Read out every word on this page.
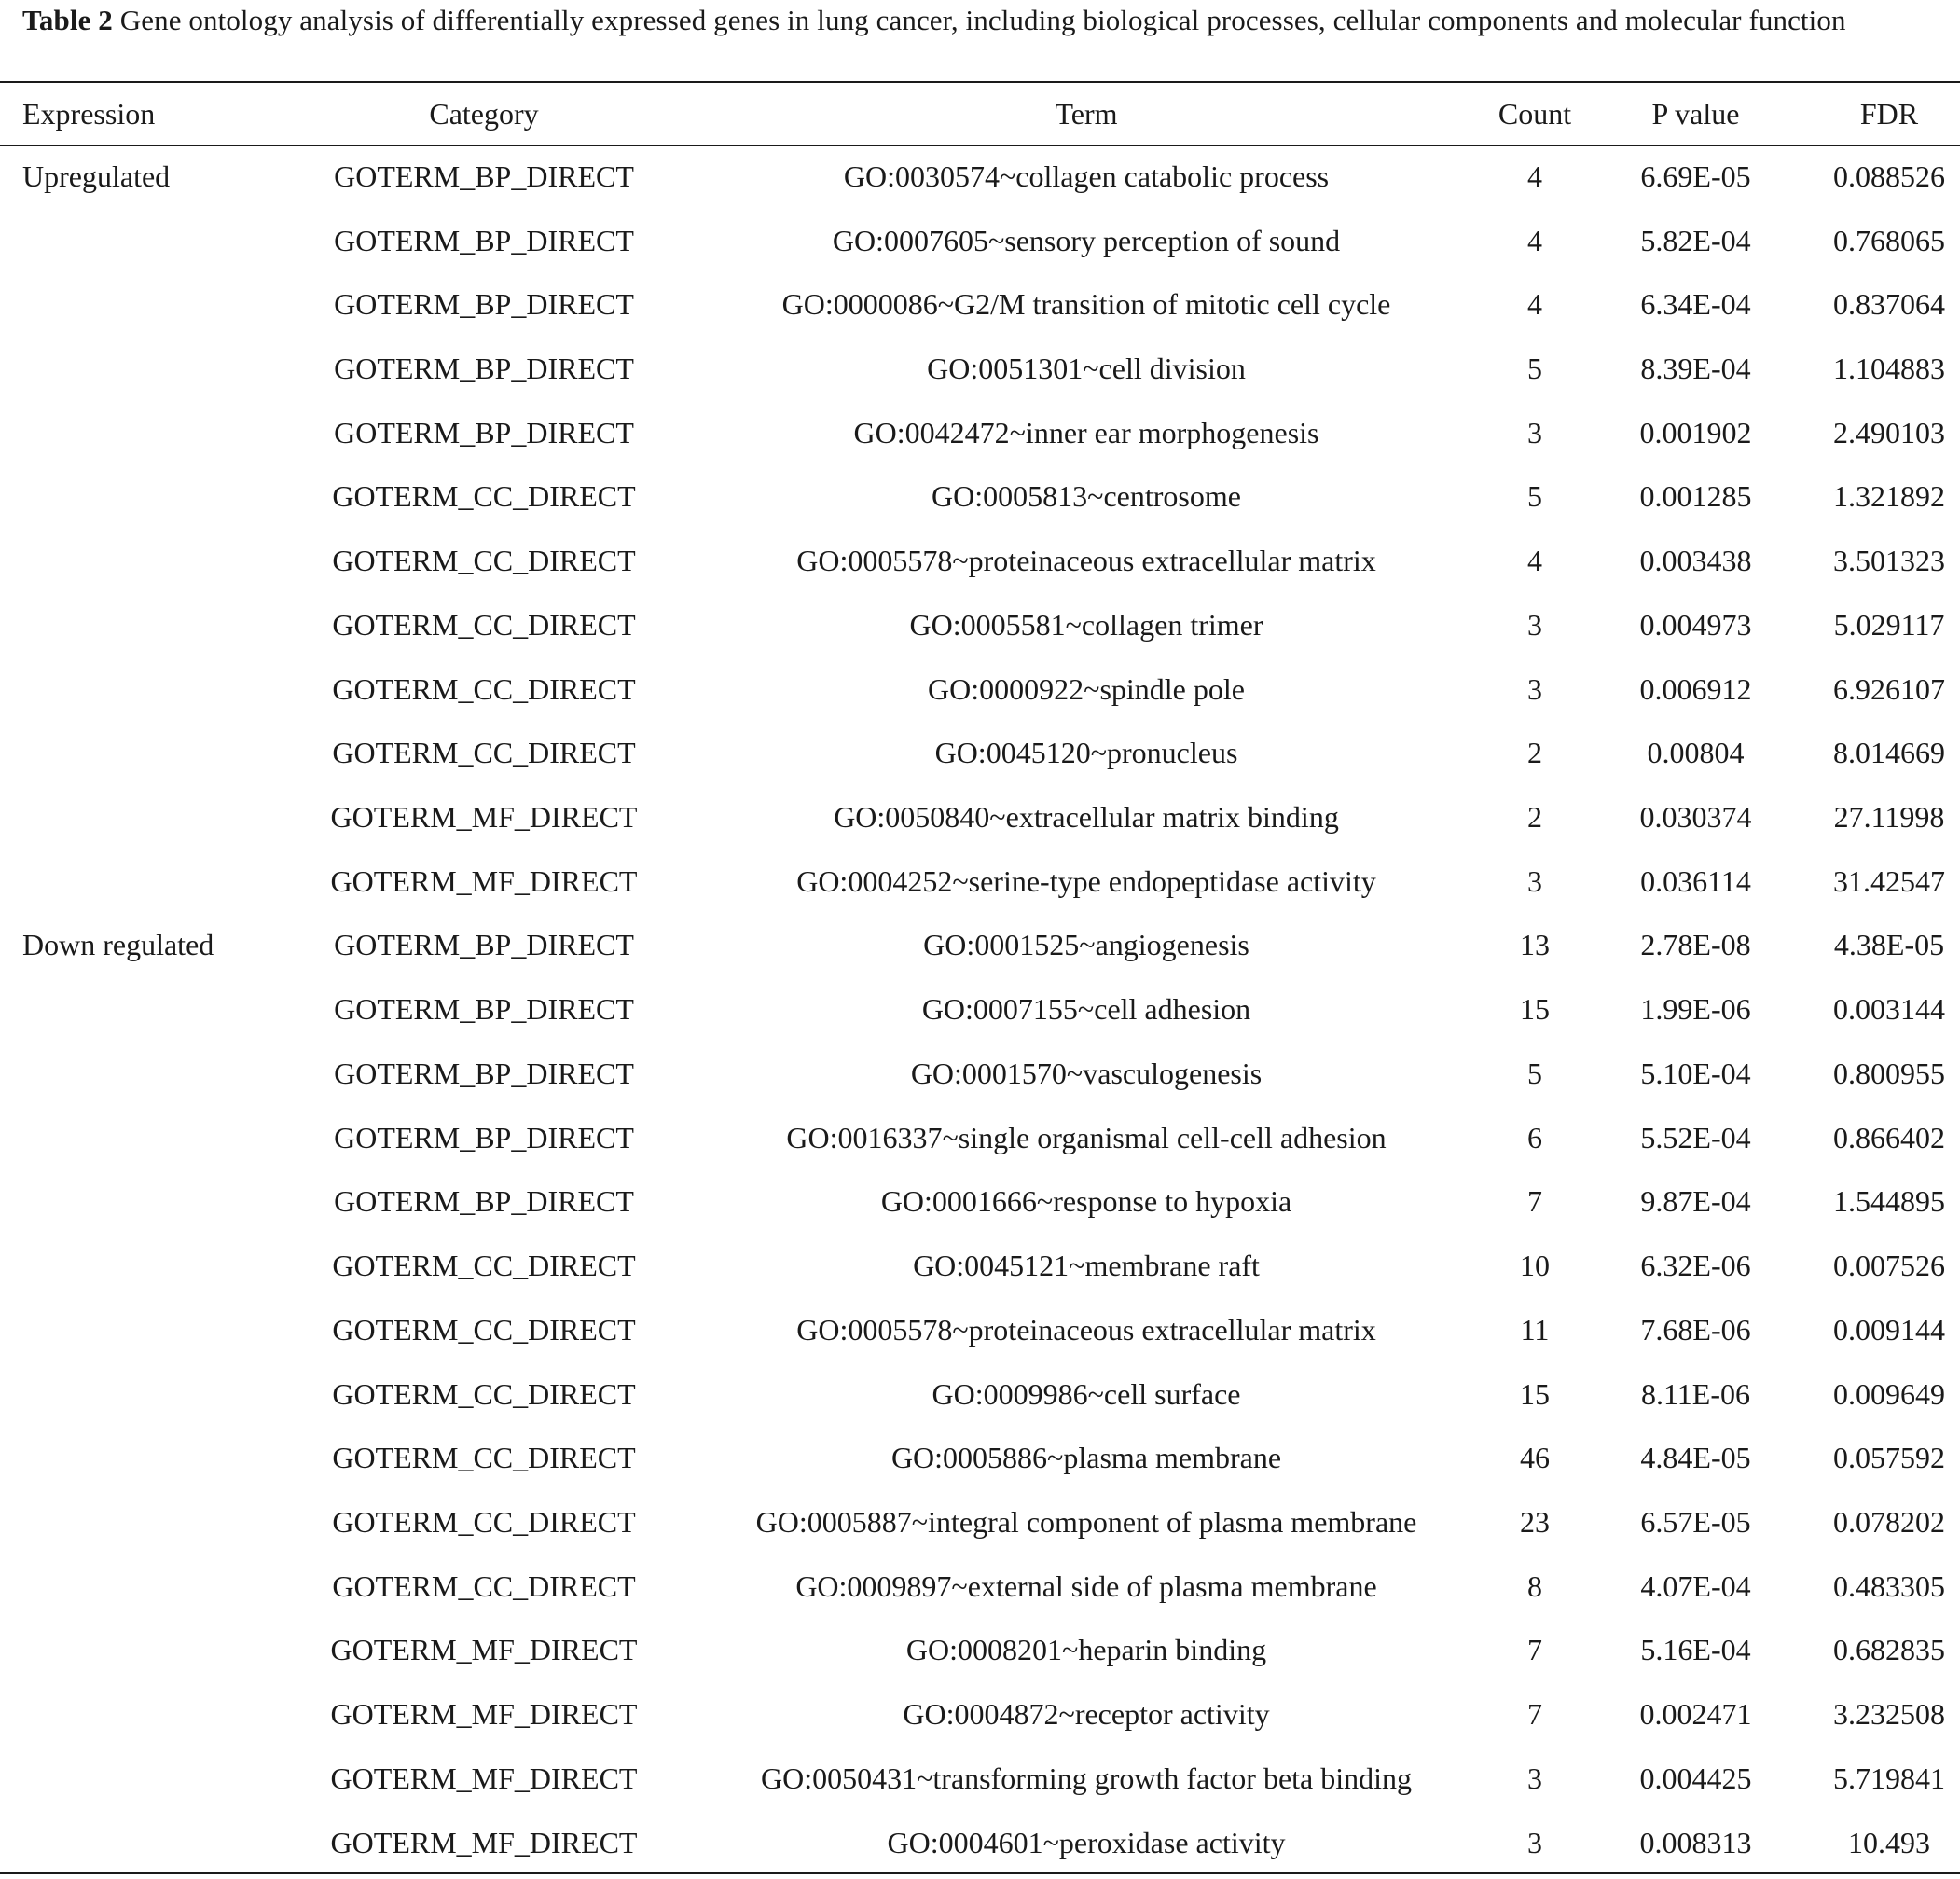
Table 2 Gene ontology analysis of differentially expressed genes in lung cancer, including biological processes, cellular components and molecular function
Expression	Category	Term	Count	P value	FDR
Upregulated	GOTERM_BP_DIRECT	GO:0030574~collagen catabolic process	4	6.69E-05	0.088526
	GOTERM_BP_DIRECT	GO:0007605~sensory perception of sound	4	5.82E-04	0.768065
	GOTERM_BP_DIRECT	GO:0000086~G2/M transition of mitotic cell cycle	4	6.34E-04	0.837064
	GOTERM_BP_DIRECT	GO:0051301~cell division	5	8.39E-04	1.104883
	GOTERM_BP_DIRECT	GO:0042472~inner ear morphogenesis	3	0.001902	2.490103
	GOTERM_CC_DIRECT	GO:0005813~centrosome	5	0.001285	1.321892
	GOTERM_CC_DIRECT	GO:0005578~proteinaceous extracellular matrix	4	0.003438	3.501323
	GOTERM_CC_DIRECT	GO:0005581~collagen trimer	3	0.004973	5.029117
	GOTERM_CC_DIRECT	GO:0000922~spindle pole	3	0.006912	6.926107
	GOTERM_CC_DIRECT	GO:0045120~pronucleus	2	0.00804	8.014669
	GOTERM_MF_DIRECT	GO:0050840~extracellular matrix binding	2	0.030374	27.11998
	GOTERM_MF_DIRECT	GO:0004252~serine-type endopeptidase activity	3	0.036114	31.42547
Down regulated	GOTERM_BP_DIRECT	GO:0001525~angiogenesis	13	2.78E-08	4.38E-05
	GOTERM_BP_DIRECT	GO:0007155~cell adhesion	15	1.99E-06	0.003144
	GOTERM_BP_DIRECT	GO:0001570~vasculogenesis	5	5.10E-04	0.800955
	GOTERM_BP_DIRECT	GO:0016337~single organismal cell-cell adhesion	6	5.52E-04	0.866402
	GOTERM_BP_DIRECT	GO:0001666~response to hypoxia	7	9.87E-04	1.544895
	GOTERM_CC_DIRECT	GO:0045121~membrane raft	10	6.32E-06	0.007526
	GOTERM_CC_DIRECT	GO:0005578~proteinaceous extracellular matrix	11	7.68E-06	0.009144
	GOTERM_CC_DIRECT	GO:0009986~cell surface	15	8.11E-06	0.009649
	GOTERM_CC_DIRECT	GO:0005886~plasma membrane	46	4.84E-05	0.057592
	GOTERM_CC_DIRECT	GO:0005887~integral component of plasma membrane	23	6.57E-05	0.078202
	GOTERM_CC_DIRECT	GO:0009897~external side of plasma membrane	8	4.07E-04	0.483305
	GOTERM_MF_DIRECT	GO:0008201~heparin binding	7	5.16E-04	0.682835
	GOTERM_MF_DIRECT	GO:0004872~receptor activity	7	0.002471	3.232508
	GOTERM_MF_DIRECT	GO:0050431~transforming growth factor beta binding	3	0.004425	5.719841
	GOTERM_MF_DIRECT	GO:0004601~peroxidase activity	3	0.008313	10.493
